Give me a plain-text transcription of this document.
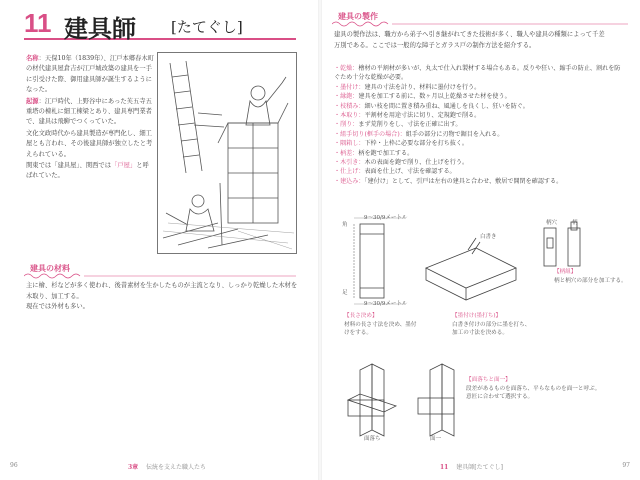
11 建具師 [たてぐし]

名称：天保10年（1839年）、江戸本郷春木町の材代建具屋倉吉が江戸城改築の建具を一手に引受けた際、御用建具師が誕生するようになった。

起源：江戸時代、上野谷中にあった芙五寺五重塔の棟札に細工棟梁とあり、建具専門業者で、建具は飛騨でつくっていた。

文化文政時代から建具製造が専門化し、細工屋とも言われ、その後建具師が独立したと考えられている。

関東では「建具屋」、関西では「戸屋」と呼ばれていた。

建具の材料

主に檜、杉などが多く使われ、後昔素材を生かしたものが主流となり、しっかり乾燥した木材を木取り、加工する。

現在では外材も多い。

96	3章 伝統を支えた職人たち
建具の製作

建具の製作法は、職方から弟子へ引き継がれてきた技術が多く、職人や建具の種類によって千差

万別である。ここでは一般的な障子とガラス戸の制作方法を紹介する。

・乾燥：檜材の平割材が多いが、丸太で仕入れ製材する場合もある。反りや狂い、縮手の防止、割れを防ぐため十分な乾燥が必要。

・墨付け：建具の寸法を計り、材料に墨付けを行う。

・縁鉋：建具を加工する前に、数ヶ月以上乾燥させた材を使う。

・枝積み：細い枝を間に置き積み重ね、風通しを良くし、狂いを防ぐ。

・本取り：平割材を用途寸法に切り、定規鉋で削る。

・削り：まず荒削りをし、寸法を正確に出す。

・組手切り(框手の場合)：組手の部分に刃物で鋸目を入れる。

・隅箱し：下枠・上枠に必要な部分を打ち抜く。

・柄差：柄を鉋で加工する。

・木引き：木の表面を鉋で削り、仕上げを行う。

・仕上げ：表面を仕上げ、寸法を確認する。

・建込み：「建付け」として、引戸は左右の建具と合わせ、敷居で開閉を確認する。

9～30/9メートル
角
足
9～30/9メートル
白書き
柄穴	柄
【柄組】
柄と柄穴の部分を加工する。
【長さ決め】
材料の長さ寸法を決め、墨付けをする。
【墨付け(墨打ち)】
白書き付けの部分に墨を打ち、加工の寸法を決める。
面落ち	面一
【面落ちと面一】
段差があるものを面落ち、平らなものを面一と呼ぶ。
意匠に合わせて選択する。
11 建具師[たてぐし]	97
